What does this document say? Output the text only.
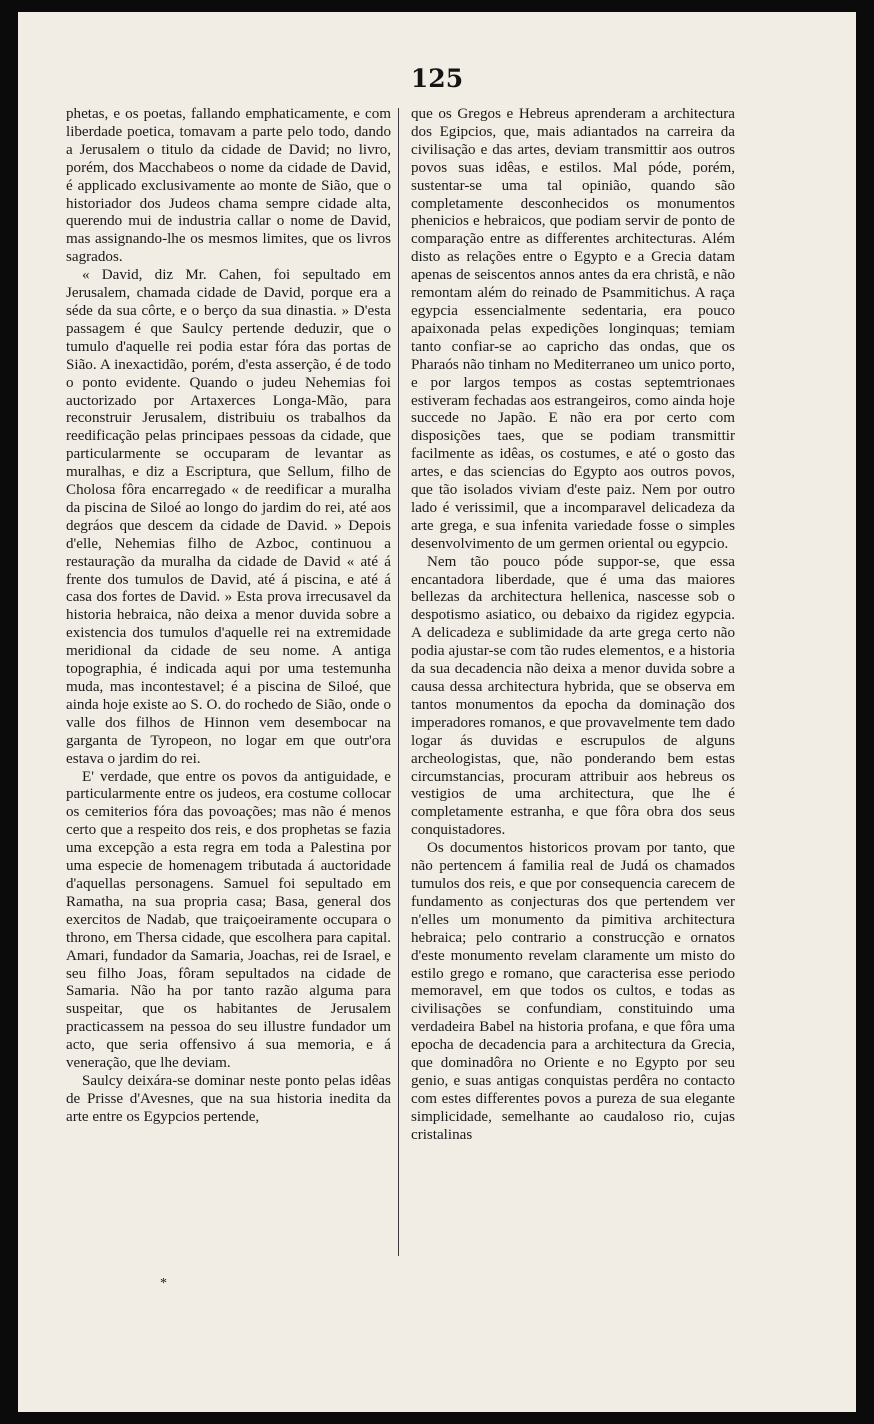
125

phetas, e os poetas, fallando emphaticamente, e com liberdade poetica, tomavam a parte pelo todo, dando a Jerusalem o titulo da cidade de David; no livro, porém, dos Macchabeos o nome da cidade de David, é applicado exclusivamente ao monte de Sião, que o historiador dos Judeos chama sempre cidade alta, querendo mui de industria callar o nome de David, mas assignando-lhe os mesmos limites, que os livros sagrados.

« David, diz Mr. Cahen, foi sepultado em Jerusalem, chamada cidade de David, porque era a séde da sua côrte, e o berço da sua dinastia. » D'esta passagem é que Saulcy pertende deduzir, que o tumulo d'aquelle rei podia estar fóra das portas de Sião. A inexactidão, porém, d'esta asserção, é de todo o ponto evidente. Quando o judeu Nehemias foi auctorizado por Artaxerces Longa-Mão, para reconstruir Jerusalem, distribuiu os trabalhos da reedificação pelas principaes pessoas da cidade, que particularmente se occuparam de levantar as muralhas, e diz a Escriptura, que Sellum, filho de Cholosa fôra encarregado « de reedificar a muralha da piscina de Siloé ao longo do jardim do rei, até aos degráos que descem da cidade de David. » Depois d'elle, Nehemias filho de Azboc, continuou a restauração da muralha da cidade de David « até á frente dos tumulos de David, até á piscina, e até á casa dos fortes de David. » Esta prova irrecusavel da historia hebraica, não deixa a menor duvida sobre a existencia dos tumulos d'aquelle rei na extremidade meridional da cidade de seu nome. A antiga topographia, é indicada aqui por uma testemunha muda, mas incontestavel; é a piscina de Siloé, que ainda hoje existe ao S. O. do rochedo de Sião, onde o valle dos filhos de Hinnon vem desembocar na garganta de Tyropeon, no logar em que outr'ora estava o jardim do rei.

E' verdade, que entre os povos da antiguidade, e particularmente entre os judeos, era costume collocar os cemiterios fóra das povoações; mas não é menos certo que a respeito dos reis, e dos prophetas se fazia uma excepção a esta regra em toda a Palestina por uma especie de homenagem tributada á auctoridade d'aquellas personagens. Samuel foi sepultado em Ramatha, na sua propria casa; Basa, general dos exercitos de Nadab, que traiçoeiramente occupara o throno, em Thersa cidade, que escolhera para capital. Amari, fundador da Samaria, Joachas, rei de Israel, e seu filho Joas, fôram sepultados na cidade de Samaria. Não ha por tanto razão alguma para suspeitar, que os habitantes de Jerusalem practicassem na pessoa do seu illustre fundador um acto, que seria offensivo á sua memoria, e á veneração, que lhe deviam.

Saulcy deixára-se dominar neste ponto pelas idêas de Prisse d'Avesnes, que na sua historia inedita da arte entre os Egypcios pertende,

que os Gregos e Hebreus aprenderam a architectura dos Egipcios, que, mais adiantados na carreira da civilisação e das artes, deviam transmittir aos outros povos suas idêas, e estilos. Mal póde, porém, sustentar-se uma tal opinião, quando são completamente desconhecidos os monumentos phenicios e hebraicos, que podiam servir de ponto de comparação entre as differentes architecturas. Além disto as relações entre o Egypto e a Grecia datam apenas de seiscentos annos antes da era christã, e não remontam além do reinado de Psammitichus. A raça egypcia essencialmente sedentaria, era pouco apaixonada pelas expedições longinquas; temiam tanto confiar-se ao capricho das ondas, que os Pharaós não tinham no Mediterraneo um unico porto, e por largos tempos as costas septemtrionaes estiveram fechadas aos estrangeiros, como ainda hoje succede no Japão. E não era por certo com disposições taes, que se podiam transmittir facilmente as idêas, os costumes, e até o gosto das artes, e das sciencias do Egypto aos outros povos, que tão isolados viviam d'este paiz. Nem por outro lado é verissimil, que a incomparavel delicadeza da arte grega, e sua infenita variedade fosse o simples desenvolvimento de um germen oriental ou egypcio.

Nem tão pouco póde suppor-se, que essa encantadora liberdade, que é uma das maiores bellezas da architectura hellenica, nascesse sob o despotismo asiatico, ou debaixo da rigidez egypcia. A delicadeza e sublimidade da arte grega certo não podia ajustar-se com tão rudes elementos, e a historia da sua decadencia não deixa a menor duvida sobre a causa dessa architectura hybrida, que se observa em tantos monumentos da epocha da dominação dos imperadores romanos, e que provavelmente tem dado logar ás duvidas e escrupulos de alguns archeologistas, que, não ponderando bem estas circumstancias, procuram attribuir aos hebreus os vestigios de uma architectura, que lhe é completamente estranha, e que fôra obra dos seus conquistadores.

Os documentos historicos provam por tanto, que não pertencem á familia real de Judá os chamados tumulos dos reis, e que por consequencia carecem de fundamento as conjecturas dos que pertendem ver n'elles um monumento da pimitiva architectura hebraica; pelo contrario a construcção e ornatos d'este monumento revelam claramente um misto do estilo grego e romano, que caracterisa esse periodo memoravel, em que todos os cultos, e todas as civilisações se confundiam, constituindo uma verdadeira Babel na historia profana, e que fôra uma epocha de decadencia para a architectura da Grecia, que dominadôra no Oriente e no Egypto por seu genio, e suas antigas conquistas perdêra no contacto com estes differentes povos a pureza de sua elegante simplicidade, semelhante ao caudaloso rio, cujas cristalinas

*
